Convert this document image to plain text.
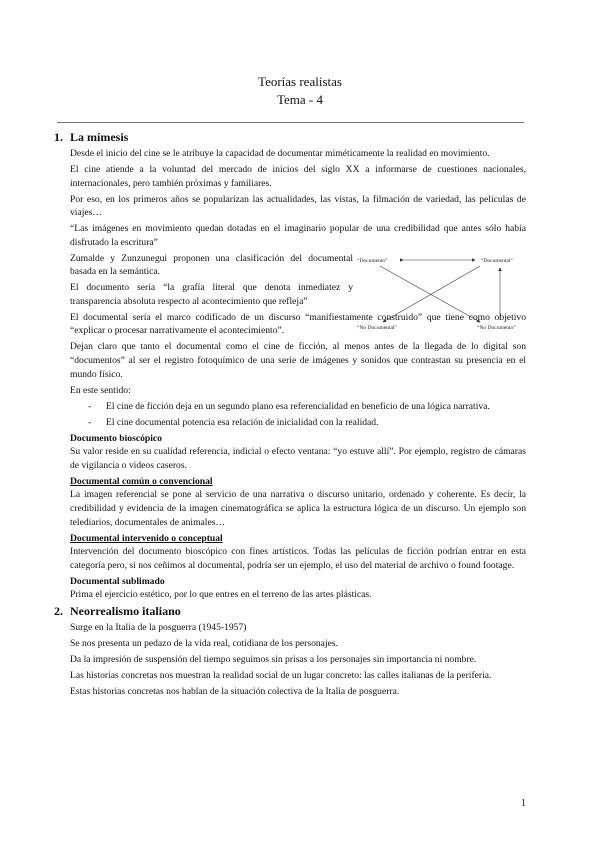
Teorías realistas
Tema - 4
1. La mímesis

Desde el inicio del cine se le atribuye la capacidad de documentar miméticamente la realidad en movimiento.

El cine atiende a la voluntad del mercado de inicios del siglo XX a informarse de cuestiones nacionales, internacionales, pero también próximas y familiares.

Por eso, en los primeros años se popularizan las actualidades, las vistas, la filmación de variedad, las películas de viajes…

“Las imágenes en movimiento quedan dotadas en el imaginario popular de una credibilidad que antes sólo había disfrutado la escritura”

Zumalde y Zunzunegui proponen una clasificación del documental basada en la semántica.

El documento sería “la grafía literal que denota inmediatez y transparencia absoluta respecto al acontecimiento que refleja”

El documental sería el marco codificado de un discurso “manifiestamente construido” que tiene como objetivo “explicar o procesar narrativamente el acontecimiento”.

Dejan claro que tanto el documental como el cine de ficción, al menos antes de la llegada de lo digital son “documentos” al ser el registro fotoquímico de una serie de imágenes y sonidos que contrastan su presencia en el mundo físico.

En este sentido:

- El cine de ficción deja en un segundo plano esa referencialidad en beneficio de una lógica narrativa.

- El cine documental potencia esa relación de inicialidad con la realidad.

Documento bioscópico

Su valor reside en su cualidad referencia, indicial o efecto ventana: “yo estuve allí”. Por ejemplo, registro de cámaras de vigilancia o videos caseros.

Documental común o convencional

La imagen referencial se pone al servicio de una narrativa o discurso unitario, ordenado y coherente. Es decir, la credibilidad y evidencia de la imagen cinematográfica se aplica la estructura lógica de un discurso. Un ejemplo son telediarios, documentales de animales…

Documental intervenido o conceptual

Intervención del documento bioscópico con fines artísticos. Todas las películas de ficción podrían entrar en esta categoría pero, si nos ceñimos al documental, podría ser un ejemplo, el uso del material de archivo o found footage.

Documental sublimado

Prima el ejercicio estético, por lo que entres en el terreno de las artes plásticas.

2. Neorrealismo italiano

Surge en la Italia de la posguerra (1945-1957)

Se nos presenta un pedazo de la vida real, cotidiana de los personajes.

Da la impresión de suspensión del tiempo seguimos sin prisas a los personajes sin importancia ni nombre.

Las historias concretas nos muestran la realidad social de un lugar concreto: las calles italianas de la periferia.

Estas historias concretas nos hablan de la situación colectiva de la Italia de posguerra.

“Documento”	“Documental”
“No Documental”	“No Documento”
1
